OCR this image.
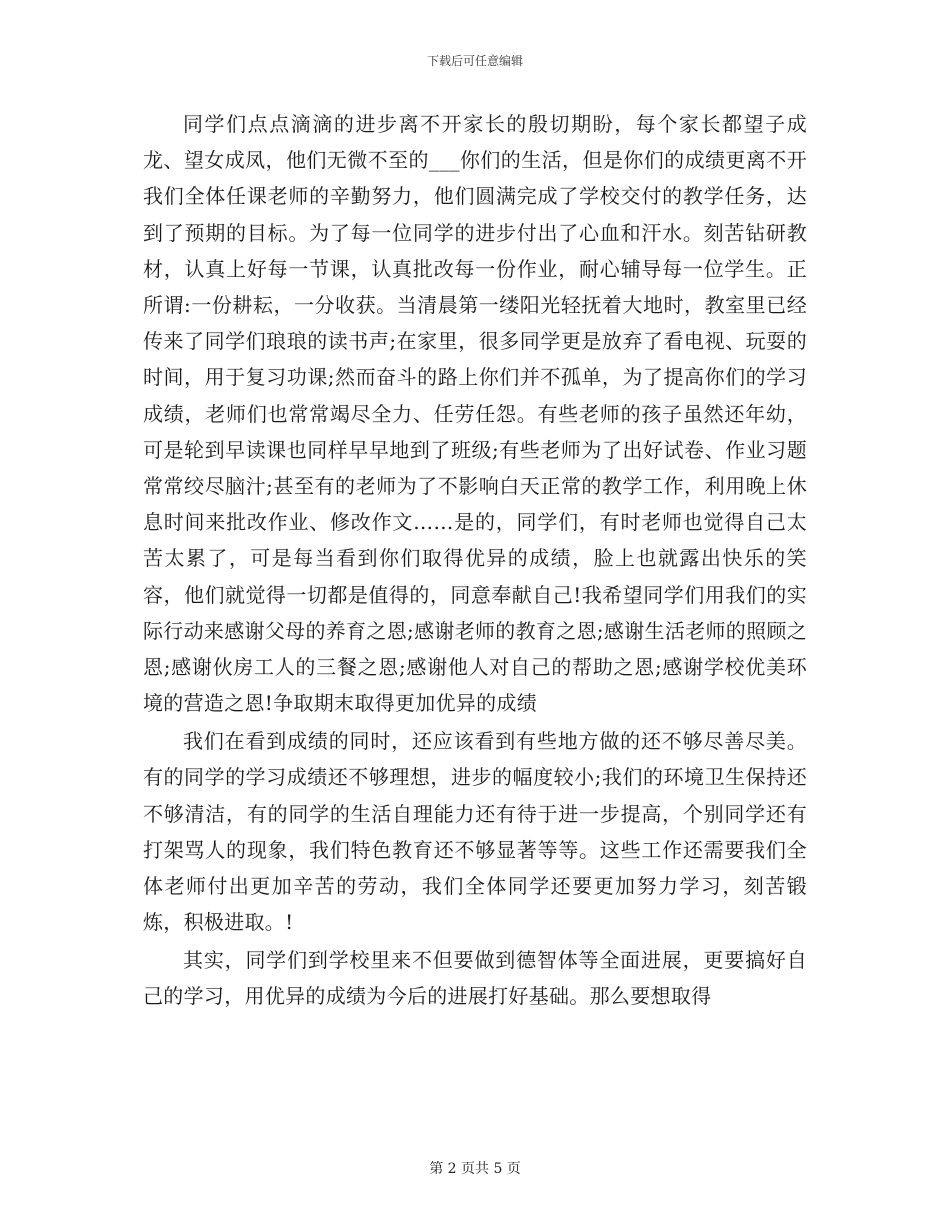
下载后可任意编辑

同学们点点滴滴的进步离不开家长的殷切期盼，每个家长都望子成龙、望女成凤，他们无微不至的___你们的生活，但是你们的成绩更离不开我们全体任课老师的辛勤努力，他们圆满完成了学校交付的教学任务，达到了预期的目标。为了每一位同学的进步付出了心血和汗水。刻苦钻研教材，认真上好每一节课，认真批改每一份作业，耐心辅导每一位学生。正所谓:一份耕耘，一分收获。当清晨第一缕阳光轻抚着大地时，教室里已经传来了同学们琅琅的读书声;在家里，很多同学更是放弃了看电视、玩耍的时间，用于复习功课;然而奋斗的路上你们并不孤单，为了提高你们的学习成绩，老师们也常常竭尽全力、任劳任怨。有些老师的孩子虽然还年幼，可是轮到早读课也同样早早地到了班级;有些老师为了出好试卷、作业习题常常绞尽脑汁;甚至有的老师为了不影响白天正常的教学工作，利用晚上休息时间来批改作业、修改作文……是的，同学们，有时老师也觉得自己太苦太累了，可是每当看到你们取得优异的成绩，脸上也就露出快乐的笑容，他们就觉得一切都是值得的，同意奉献自己!我希望同学们用我们的实际行动来感谢父母的养育之恩;感谢老师的教育之恩;感谢生活老师的照顾之恩;感谢伙房工人的三餐之恩;感谢他人对自己的帮助之恩;感谢学校优美环境的营造之恩!争取期末取得更加优异的成绩

我们在看到成绩的同时，还应该看到有些地方做的还不够尽善尽美。有的同学的学习成绩还不够理想，进步的幅度较小;我们的环境卫生保持还不够清洁，有的同学的生活自理能力还有待于进一步提高，个别同学还有打架骂人的现象，我们特色教育还不够显著等等。这些工作还需要我们全体老师付出更加辛苦的劳动，我们全体同学还要更加努力学习，刻苦锻炼，积极进取。!

其实，同学们到学校里来不但要做到德智体等全面进展，更要搞好自己的学习，用优异的成绩为今后的进展打好基础。那么要想取得

第 2 页共 5 页
